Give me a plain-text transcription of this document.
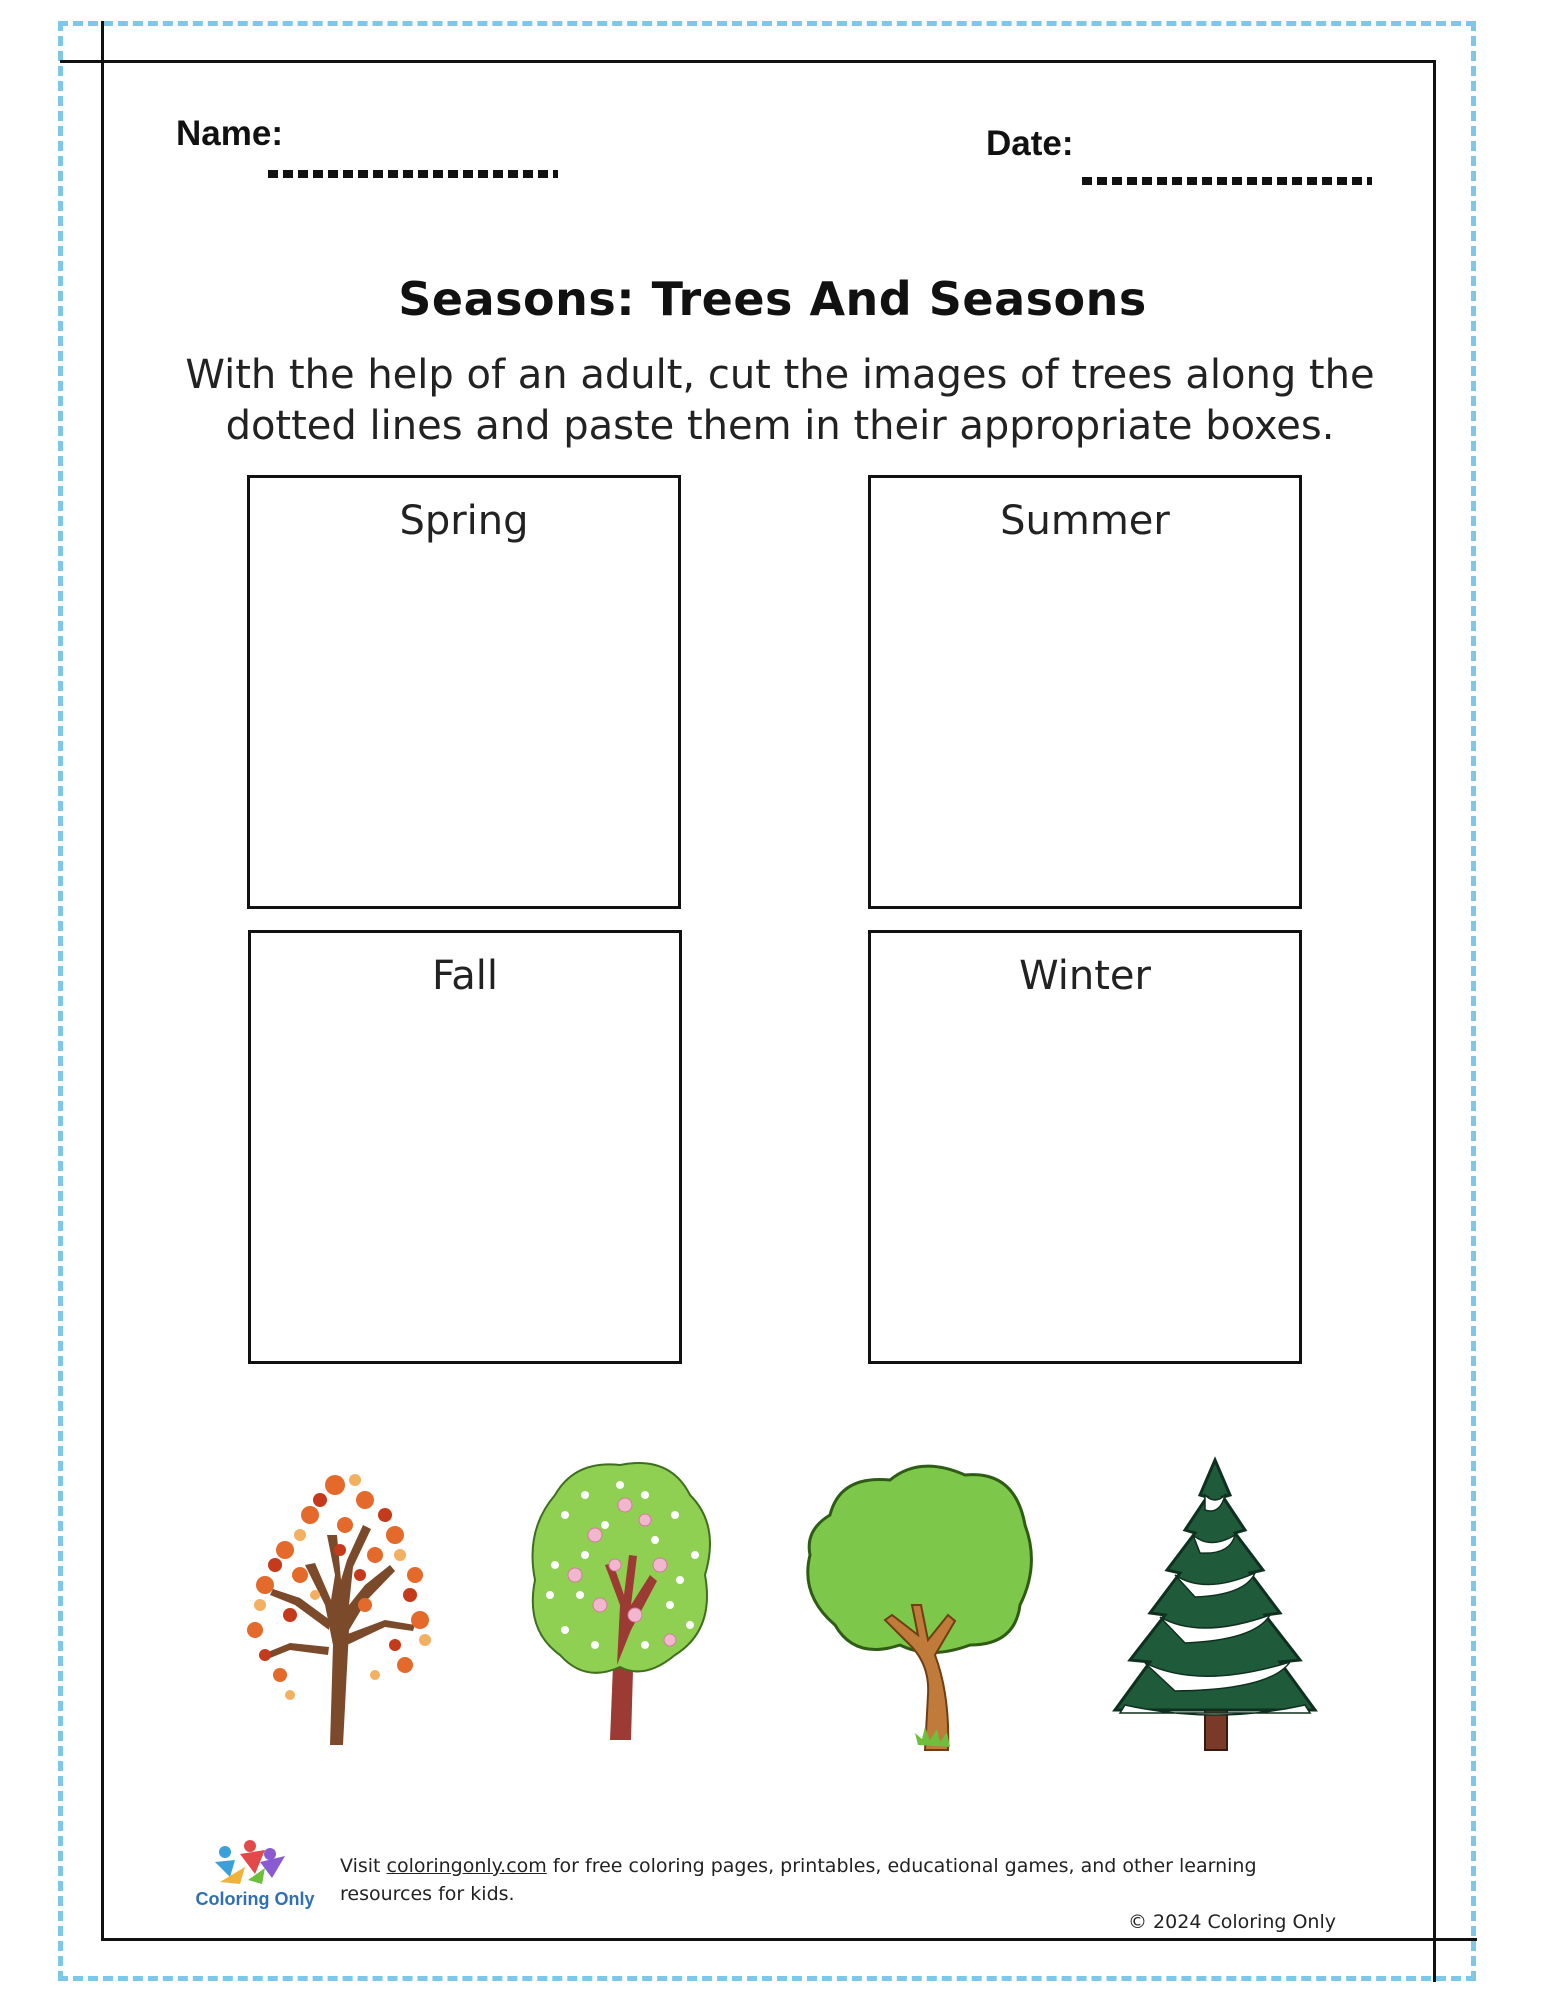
Name:	Date:
Seasons: Trees And Seasons
With the help of an adult, cut the images of trees along the dotted lines and paste them in their appropriate boxes.
Spring	Summer
Fall	Winter
Coloring Only
Visit coloringonly.com for free coloring pages, printables, educational games, and other learning resources for kids.
© 2024 Coloring Only
